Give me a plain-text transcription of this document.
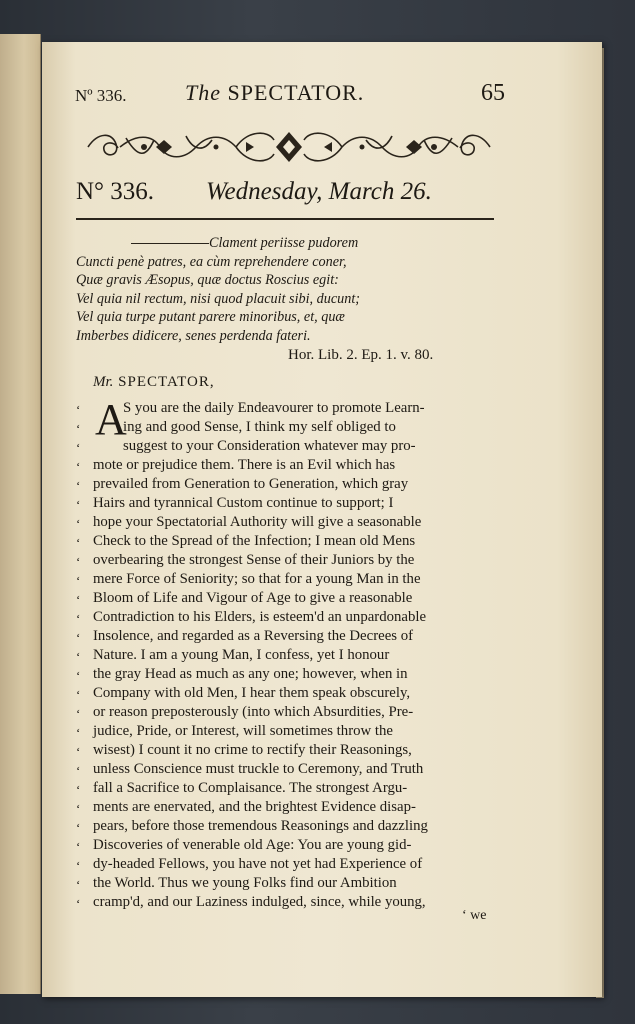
Nº 336.	The SPECTATOR.	65
N° 336. Wednesday, March 26.
Clament periisse pudorem
Cuncti penè patres, ea cùm reprehendere coner,
Quæ gravis Æsopus, quæ doctus Roscius egit:
Vel quia nil rectum, nisi quod placuit sibi, ducunt;
Vel quia turpe putant parere minoribus, et, quæ
Imberbes didicere, senes perdenda fateri.
Hor. Lib. 2. Ep. 1. v. 80.
Mr. SPECTATOR,
A
‘	S you are the daily Endeavourer to promote Learn-
‘	ing and good Sense, I think my self obliged to
‘	suggest to your Consideration whatever may pro-
‘ mote or prejudice them. There is an Evil which has
‘ prevailed from Generation to Generation, which gray
‘ Hairs and tyrannical Custom continue to support; I
‘ hope your Spectatorial Authority will give a seasonable
‘ Check to the Spread of the Infection; I mean old Mens
‘ overbearing the strongest Sense of their Juniors by the
‘ mere Force of Seniority; so that for a young Man in the
‘ Bloom of Life and Vigour of Age to give a reasonable
‘ Contradiction to his Elders, is esteem'd an unpardonable
‘ Insolence, and regarded as a Reversing the Decrees of
‘ Nature. I am a young Man, I confess, yet I honour
‘ the gray Head as much as any one; however, when in
‘ Company with old Men, I hear them speak obscurely,
‘ or reason preposterously (into which Absurdities, Pre-
‘ judice, Pride, or Interest, will sometimes throw the
‘ wisest) I count it no crime to rectify their Reasonings,
‘ unless Conscience must truckle to Ceremony, and Truth
‘ fall a Sacrifice to Complaisance. The strongest Argu-
‘ ments are enervated, and the brightest Evidence disap-
‘ pears, before those tremendous Reasonings and dazzling
‘ Discoveries of venerable old Age: You are young gid-
‘ dy-headed Fellows, you have not yet had Experience of
‘ the World. Thus we young Folks find our Ambition
‘ cramp'd, and our Laziness indulged, since, while young,
‘ we
